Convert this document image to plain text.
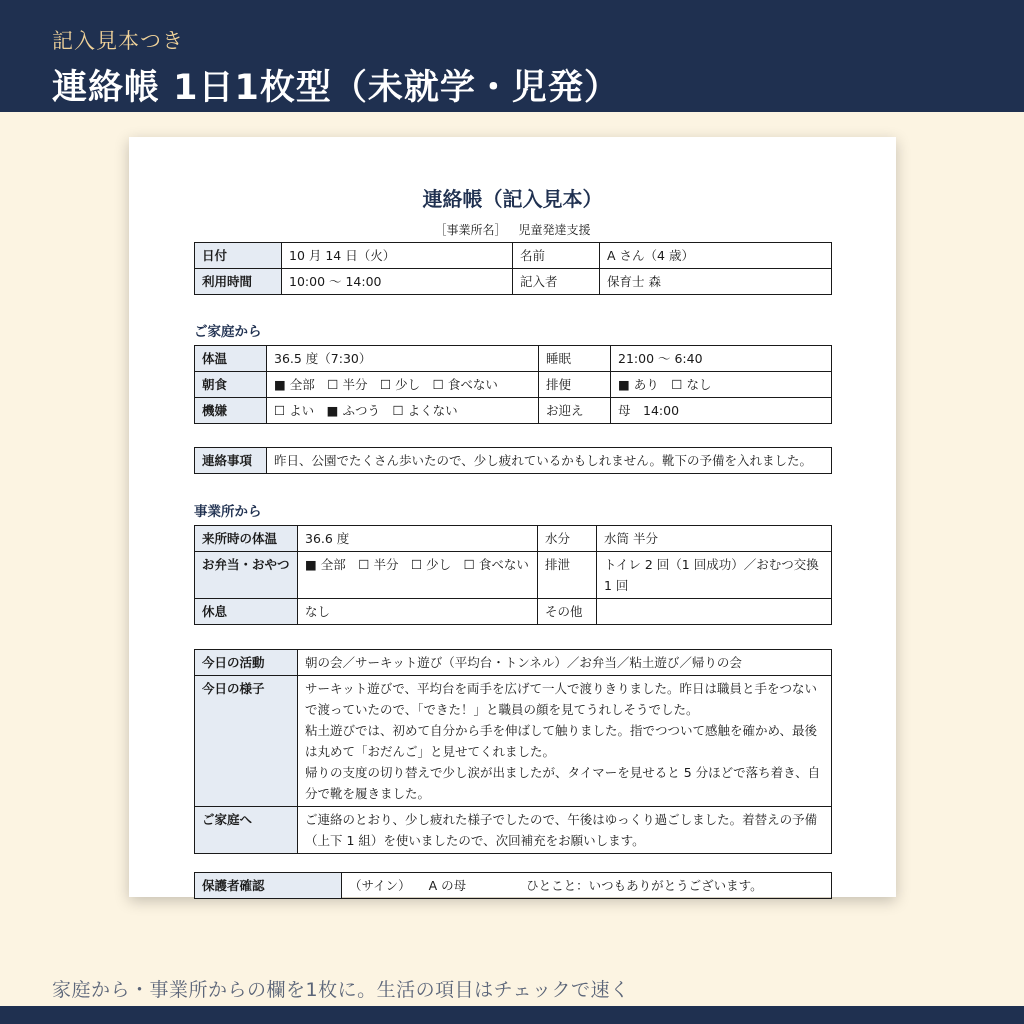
記入見本つき
連絡帳 1日1枚型（未就学・児発）
連絡帳（記入見本）
［事業所名］ 児童発達支援
日付	10 月 14 日（火）	名前	A さん（4 歳）
利用時間	10:00 〜 14:00	記入者	保育士 森
ご家庭から
体温	36.5 度（7:30）	睡眠	21:00 〜 6:40
朝食	■ 全部　☐ 半分　☐ 少し　☐ 食べない	排便	■ あり　☐ なし
機嫌	☐ よい　■ ふつう　☐ よくない	お迎え	母　14:00
連絡事項	昨日、公園でたくさん歩いたので、少し疲れているかもしれません。靴下の予備を入れました。
事業所から
来所時の体温	36.6 度	水分	水筒 半分
お弁当・おやつ	■ 全部　☐ 半分　☐ 少し　☐ 食べない	排泄	トイレ 2 回（1 回成功）／おむつ交換 1 回
休息	なし	その他	
今日の活動	朝の会／サーキット遊び（平均台・トンネル）／お弁当／粘土遊び／帰りの会
今日の様子	サーキット遊びで、平均台を両手を広げて一人で渡りきりました。昨日は職員と手をつないで渡っていたので、「できた！」と職員の顔を見てうれしそうでした。
粘土遊びでは、初めて自分から手を伸ばして触りました。指でつついて感触を確かめ、最後は丸めて「おだんご」と見せてくれました。
帰りの支度の切り替えで少し涙が出ましたが、タイマーを見せると 5 分ほどで落ち着き、自分で靴を履きました。

ご家庭へ	ご連絡のとおり、少し疲れた様子でしたので、午後はゆっくり過ごしました。着替えの予備（上下 1 組）を使いましたので、次回補充をお願いします。
保護者確認	（サイン） A の母	ひとこと：いつもありがとうございます。
家庭から・事業所からの欄を1枚に。生活の項目はチェックで速く
